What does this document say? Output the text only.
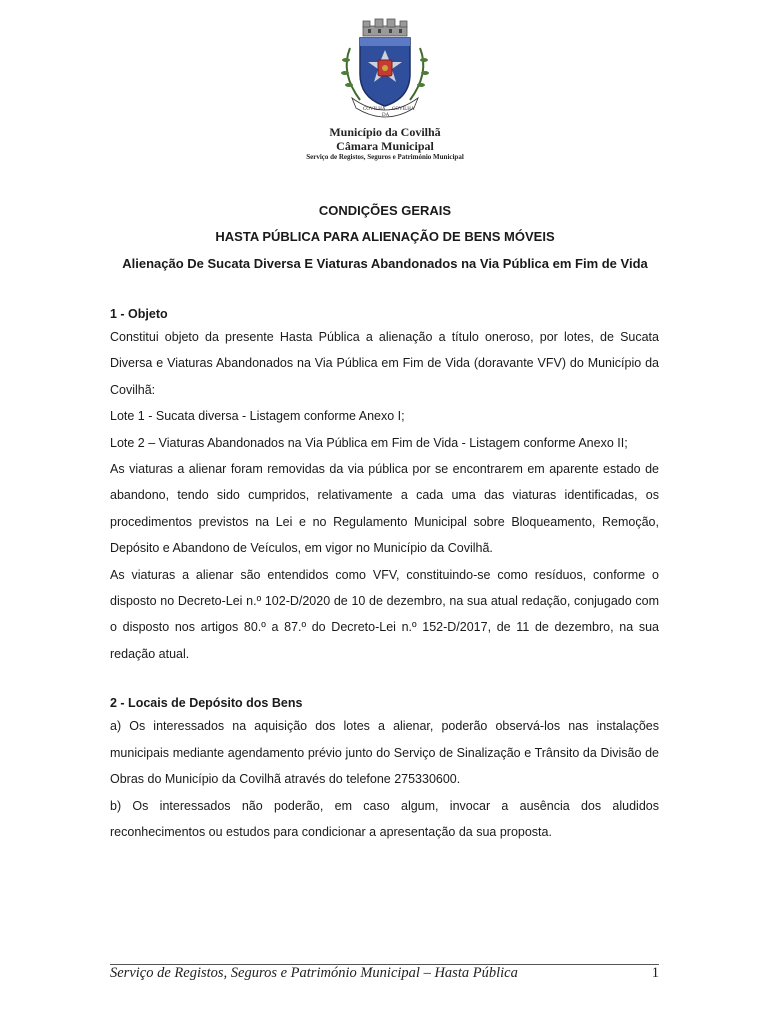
COVILHA
DA
COVILHA
Município da Covilhã
Câmara Municipal
Serviço de Registos, Seguros e Património Municipal
CONDIÇÕES GERAIS
HASTA PÚBLICA PARA ALIENAÇÃO DE BENS MÓVEIS
Alienação De Sucata Diversa E Viaturas Abandonados na Via Pública em Fim de Vida
1 - Objeto

Constitui objeto da presente Hasta Pública a alienação a título oneroso, por lotes, de Sucata Diversa e Viaturas Abandonados na Via Pública em Fim de Vida (doravante VFV) do Município da Covilhã:

Lote 1 - Sucata diversa - Listagem conforme Anexo I;

Lote 2 – Viaturas Abandonados na Via Pública em Fim de Vida - Listagem conforme Anexo II;

As viaturas a alienar foram removidas da via pública por se encontrarem em aparente estado de abandono, tendo sido cumpridos, relativamente a cada uma das viaturas identificadas, os procedimentos previstos na Lei e no Regulamento Municipal sobre Bloqueamento, Remoção, Depósito e Abandono de Veículos, em vigor no Município da Covilhã.

As viaturas a alienar são entendidos como VFV, constituindo-se como resíduos, conforme o disposto no Decreto-Lei n.º 102-D/2020 de 10 de dezembro, na sua atual redação, conjugado com o disposto nos artigos 80.º a 87.º do Decreto-Lei n.º 152-D/2017, de 11 de dezembro, na sua redação atual.

2 - Locais de Depósito dos Bens

a) Os interessados na aquisição dos lotes a alienar, poderão observá-los nas instalações municipais mediante agendamento prévio junto do Serviço de Sinalização e Trânsito da Divisão de Obras do Município da Covilhã através do telefone 275330600.

b) Os interessados não poderão, em caso algum, invocar a ausência dos aludidos reconhecimentos ou estudos para condicionar a apresentação da sua proposta.

Serviço de Registos, Seguros e Património Municipal – Hasta Pública	1
